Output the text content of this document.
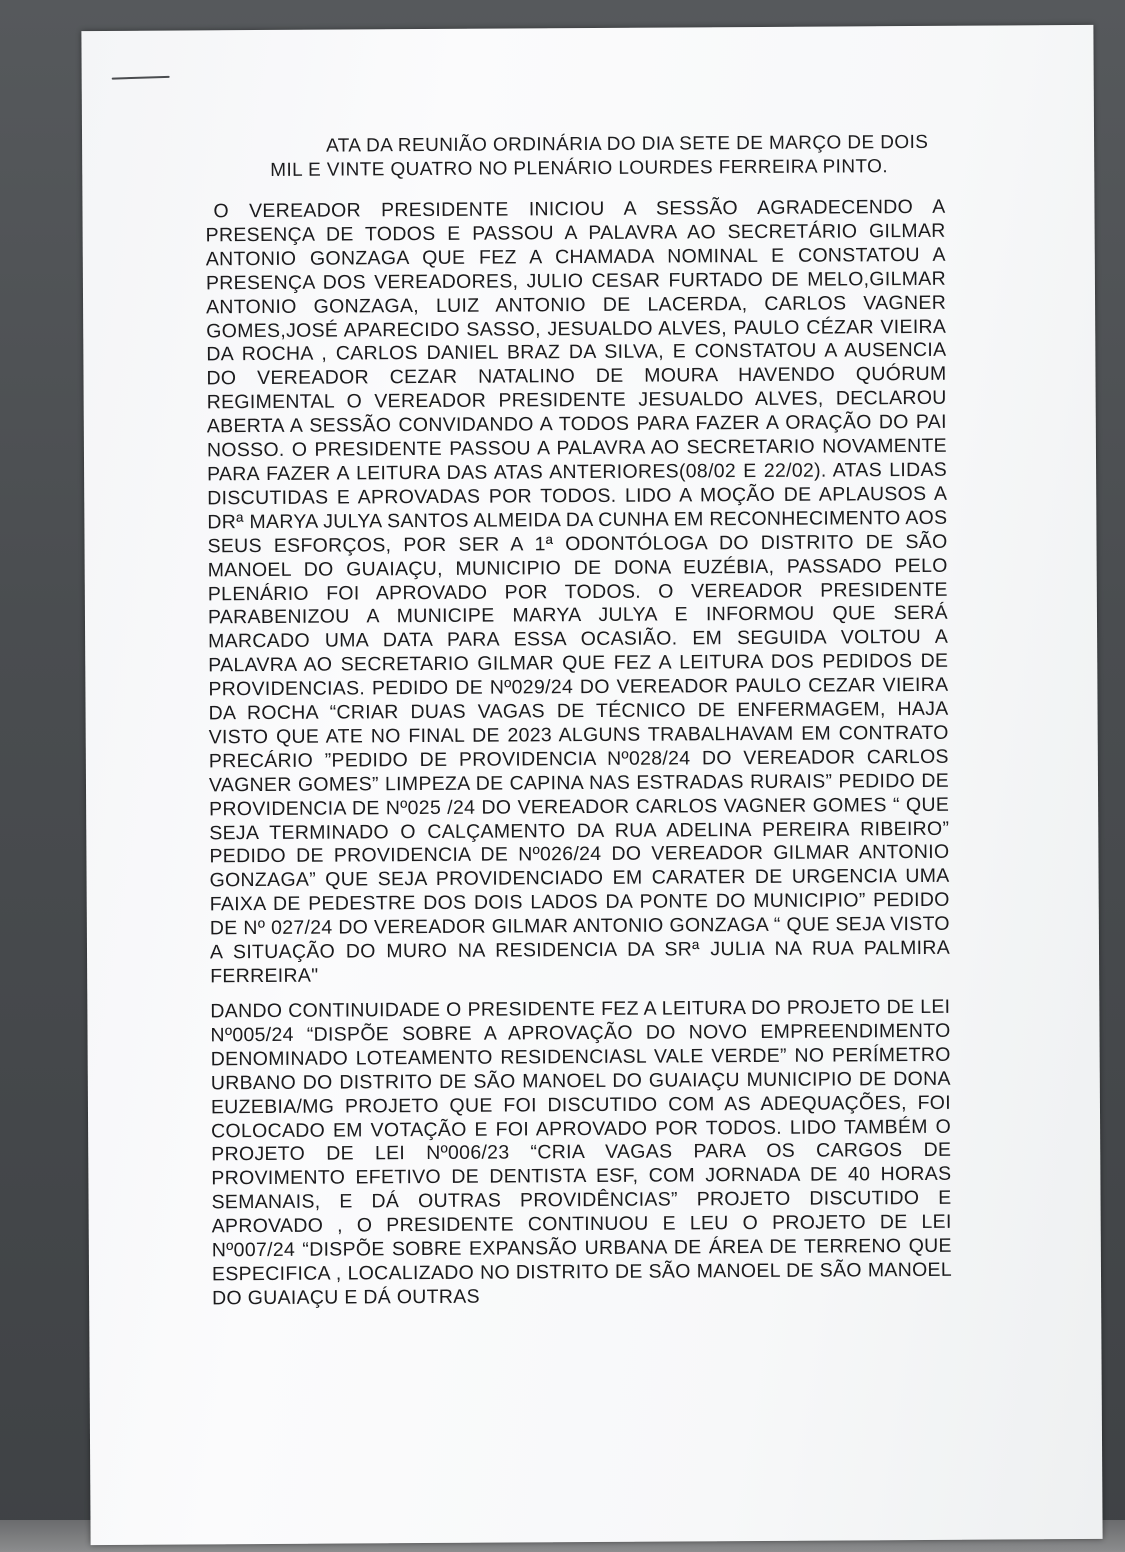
ATA DA REUNIÃO ORDINÁRIA DO DIA SETE DE MARÇO DE DOIS
MIL E VINTE QUATRO NO PLENÁRIO LOURDES FERREIRA PINTO.

O VEREADOR PRESIDENTE INICIOU A SESSÃO AGRADECENDO A PRESENÇA DE TODOS E PASSOU A PALAVRA AO SECRETÁRIO GILMAR ANTONIO GONZAGA QUE FEZ A CHAMADA NOMINAL E CONSTATOU A PRESENÇA DOS VEREADORES, JULIO CESAR FURTADO DE MELO,GILMAR ANTONIO GONZAGA, LUIZ ANTONIO DE LACERDA, CARLOS VAGNER GOMES,JOSÉ APARECIDO SASSO, JESUALDO ALVES, PAULO CÉZAR VIEIRA DA ROCHA , CARLOS DANIEL BRAZ DA SILVA, E CONSTATOU A AUSENCIA DO VEREADOR CEZAR NATALINO DE MOURA HAVENDO QUÓRUM REGIMENTAL O VEREADOR PRESIDENTE JESUALDO ALVES, DECLAROU ABERTA A SESSÃO CONVIDANDO A TODOS PARA FAZER A ORAÇÃO DO PAI NOSSO. O PRESIDENTE PASSOU A PALAVRA AO SECRETARIO NOVAMENTE PARA FAZER A LEITURA DAS ATAS ANTERIORES(08/02 E 22/02). ATAS LIDAS DISCUTIDAS E APROVADAS POR TODOS. LIDO A MOÇÃO DE APLAUSOS A DRª MARYA JULYA SANTOS ALMEIDA DA CUNHA EM RECONHECIMENTO AOS SEUS ESFORÇOS, POR SER A 1ª ODONTÓLOGA DO DISTRITO DE SÃO MANOEL DO GUAIAÇU, MUNICIPIO DE DONA EUZÉBIA, PASSADO PELO PLENÁRIO FOI APROVADO POR TODOS. O VEREADOR PRESIDENTE PARABENIZOU A MUNICIPE MARYA JULYA E INFORMOU QUE SERÁ MARCADO UMA DATA PARA ESSA OCASIÃO. EM SEGUIDA VOLTOU A PALAVRA AO SECRETARIO GILMAR QUE FEZ A LEITURA DOS PEDIDOS DE PROVIDENCIAS. PEDIDO DE Nº029/24 DO VEREADOR PAULO CEZAR VIEIRA DA ROCHA “CRIAR DUAS VAGAS DE TÉCNICO DE ENFERMAGEM, HAJA VISTO QUE ATE NO FINAL DE 2023 ALGUNS TRABALHAVAM EM CONTRATO PRECÁRIO ”PEDIDO DE PROVIDENCIA Nº028/24 DO VEREADOR CARLOS VAGNER GOMES” LIMPEZA DE CAPINA NAS ESTRADAS RURAIS” PEDIDO DE PROVIDENCIA DE Nº025 /24 DO VEREADOR CARLOS VAGNER GOMES “ QUE SEJA TERMINADO O CALÇAMENTO DA RUA ADELINA PEREIRA RIBEIRO” PEDIDO DE PROVIDENCIA DE Nº026/24 DO VEREADOR GILMAR ANTONIO GONZAGA” QUE SEJA PROVIDENCIADO EM CARATER DE URGENCIA UMA FAIXA DE PEDESTRE DOS DOIS LADOS DA PONTE DO MUNICIPIO” PEDIDO DE Nº 027/24 DO VEREADOR GILMAR ANTONIO GONZAGA “ QUE SEJA VISTO A SITUAÇÃO DO MURO NA RESIDENCIA DA SRª JULIA NA RUA PALMIRA FERREIRA"

DANDO CONTINUIDADE O PRESIDENTE FEZ A LEITURA DO PROJETO DE LEI Nº005/24 “DISPÕE SOBRE A APROVAÇÃO DO NOVO EMPREENDIMENTO DENOMINADO LOTEAMENTO RESIDENCIASL VALE VERDE” NO PERÍMETRO URBANO DO DISTRITO DE SÃO MANOEL DO GUAIAÇU MUNICIPIO DE DONA EUZEBIA/MG PROJETO QUE FOI DISCUTIDO COM AS ADEQUAÇÕES, FOI COLOCADO EM VOTAÇÃO E FOI APROVADO POR TODOS. LIDO TAMBÉM O PROJETO DE LEI Nº006/23 “CRIA VAGAS PARA OS CARGOS DE PROVIMENTO EFETIVO DE DENTISTA ESF, COM JORNADA DE 40 HORAS SEMANAIS, E DÁ OUTRAS PROVIDÊNCIAS” PROJETO DISCUTIDO E APROVADO , O PRESIDENTE CONTINUOU E LEU O PROJETO DE LEI Nº007/24 “DISPÕE SOBRE EXPANSÃO URBANA DE ÁREA DE TERRENO QUE ESPECIFICA , LOCALIZADO NO DISTRITO DE SÃO MANOEL DE SÃO MANOEL DO GUAIAÇU E DÁ OUTRAS
